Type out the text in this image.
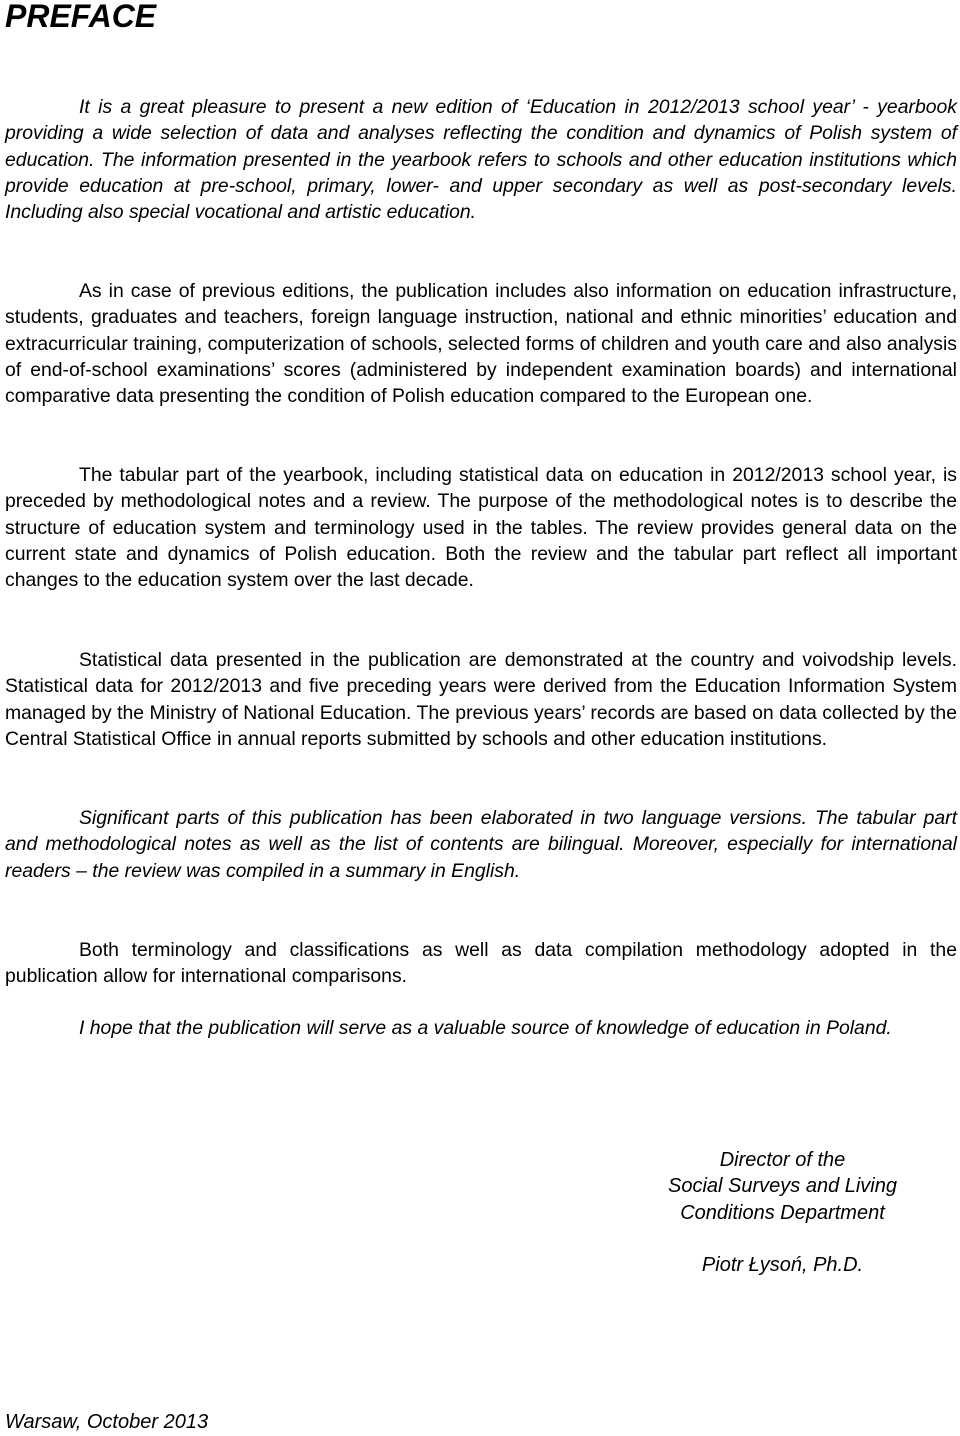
PREFACE

It is a great pleasure to present a new edition of ‘Education in 2012/2013 school year’ - yearbook providing a wide selection of data and analyses reflecting the condition and dynamics of Polish system of education. The information presented in the yearbook refers to schools and other education institutions which provide education at pre-school, primary, lower- and upper secondary as well as post-secondary levels. Including also special vocational and artistic education.

As in case of previous editions, the publication includes also information on education infrastructure, students, graduates and teachers, foreign language instruction, national and ethnic minorities’ education and extracurricular training, computerization of schools, selected forms of children and youth care and also analysis of end-of-school examinations’ scores (administered by independent examination boards) and international comparative data presenting the condition of Polish education compared to the European one.

The tabular part of the yearbook, including statistical data on education in 2012/2013 school year, is preceded by methodological notes and a review. The purpose of the methodological notes is to describe the structure of education system and terminology used in the tables. The review provides general data on the current state and dynamics of Polish education. Both the review and the tabular part reflect all important changes to the education system over the last decade.

Statistical data presented in the publication are demonstrated at the country and voivodship levels. Statistical data for 2012/2013 and five preceding years were derived from the Education Information System managed by the Ministry of National Education. The previous years’ records are based on data collected by the Central Statistical Office in annual reports submitted by schools and other education institutions.

Significant parts of this publication has been elaborated in two language versions. The tabular part and methodological notes as well as the list of contents are bilingual. Moreover, especially for international readers – the review was compiled in a summary in English.

Both terminology and classifications as well as data compilation methodology adopted in the publication allow for international comparisons.

I hope that the publication will serve as a valuable source of knowledge of education in Poland.

Director of the
Social Surveys and Living
Conditions Department
Piotr Łysoń, Ph.D.
Warsaw, October 2013
